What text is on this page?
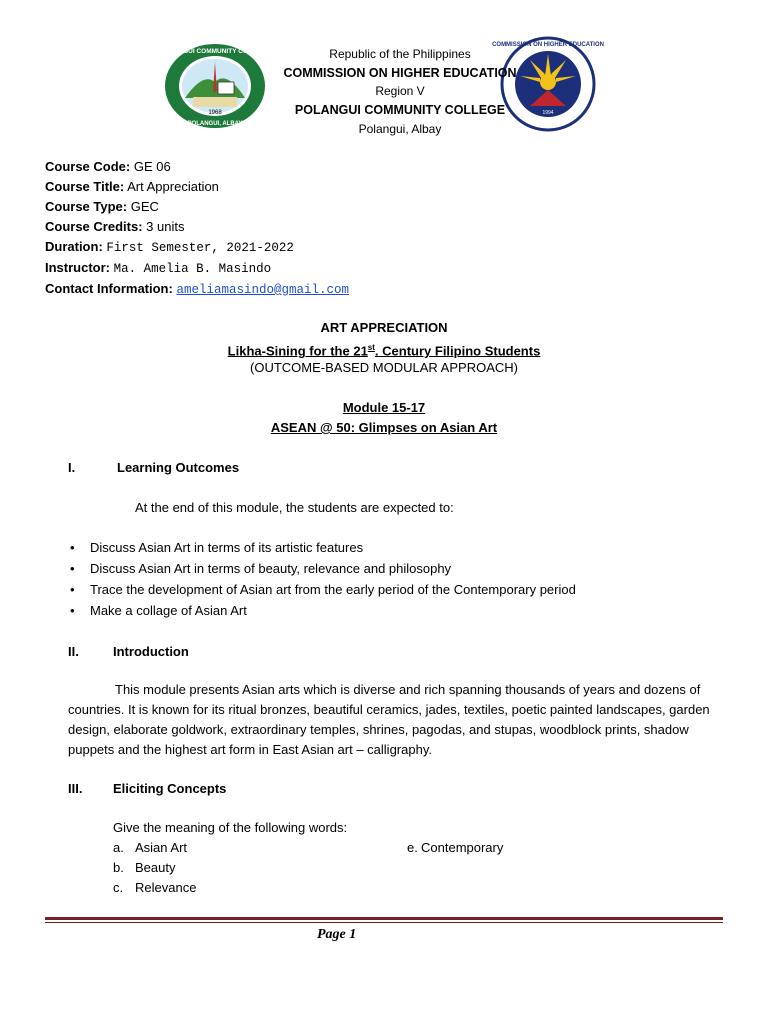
1968
POLANGUI COMMUNITY COLLEGE
POLANGUI, ALBAY
1994
COMMISSION ON HIGHER EDUCATION
Republic of the Philippines
COMMISSION ON HIGHER EDUCATION
Region V
POLANGUI COMMUNITY COLLEGE
Polangui, Albay
Course Code: GE 06
Course Title: Art Appreciation
Course Type: GEC
Course Credits: 3 units
Duration: First Semester, 2021-2022
Instructor: Ma. Amelia B. Masindo
Contact Information: ameliamasindo@gmail.com
ART APPRECIATION
Likha-Sining for the 21st. Century Filipino Students
(OUTCOME-BASED MODULAR APPROACH)
Module 15-17
ASEAN @ 50: Glimpses on Asian Art
I.	Learning Outcomes
At the end of this module, the students are expected to:
• Discuss Asian Art in terms of its artistic features
• Discuss Asian Art in terms of beauty, relevance and philosophy
• Trace the development of Asian art from the early period of the Contemporary period
• Make a collage of Asian Art
II.	Introduction
This module presents Asian arts which is diverse and rich spanning thousands of years and dozens of countries. It is known for its ritual bronzes, beautiful ceramics, jades, textiles, poetic painted landscapes, garden design, elaborate goldwork, extraordinary temples, shrines, pagodas, and stupas, woodblock prints, shadow puppets and the highest art form in East Asian art – calligraphy.
III. Eliciting Concepts
Give the meaning of the following words:
a. Asian Art
b. Beauty
c. Relevance
e. Contemporary
Page 1
